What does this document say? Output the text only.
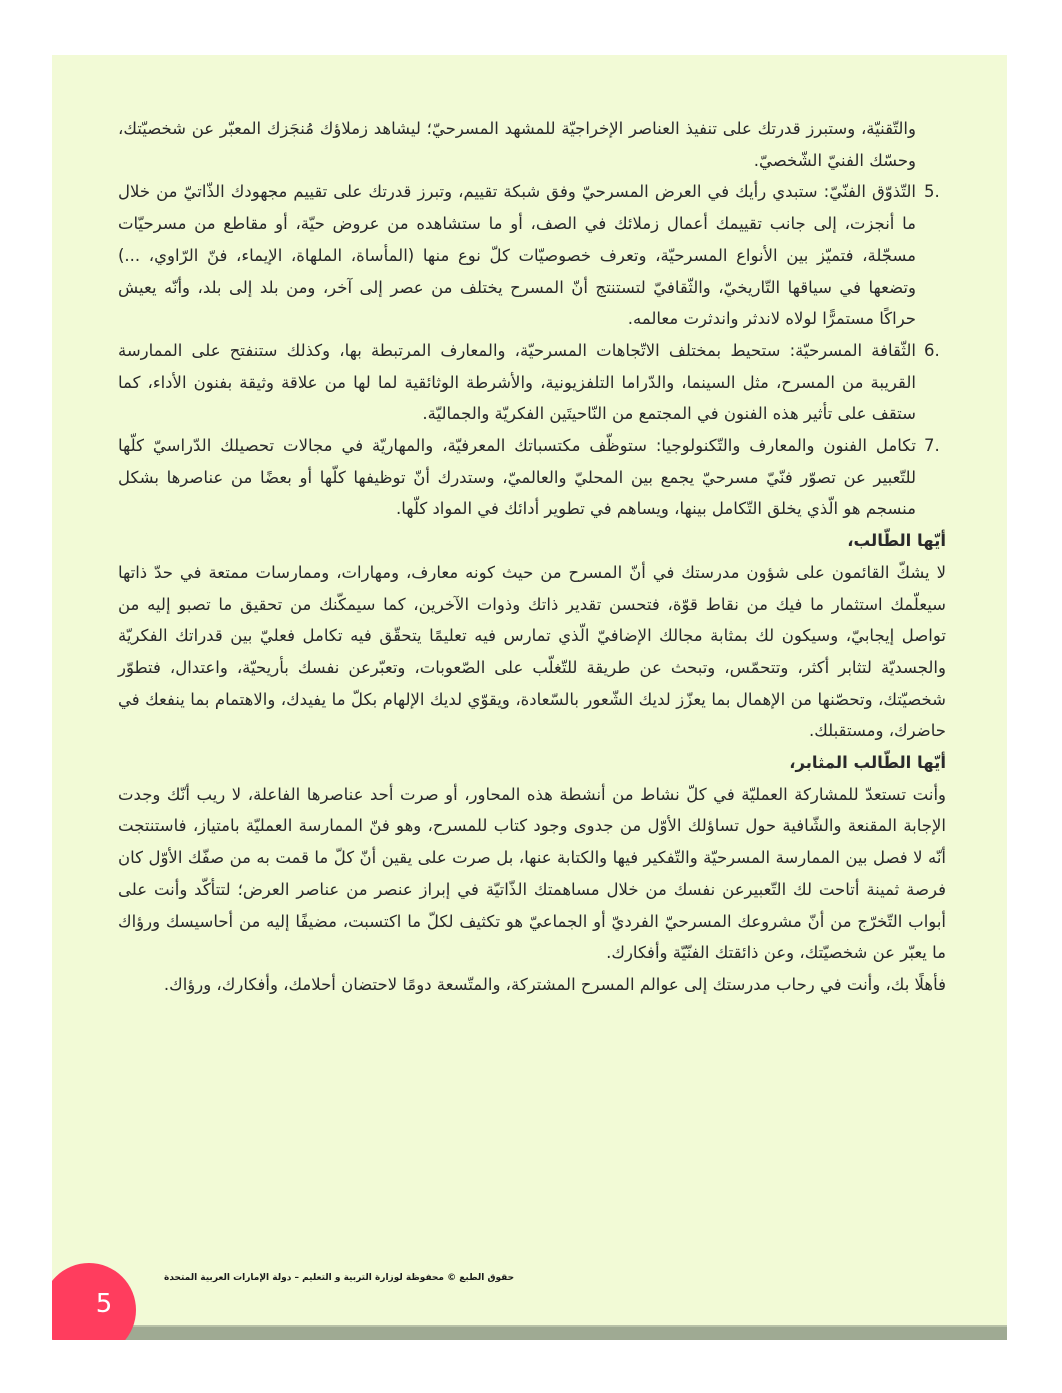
والتّقنيّة، وستبرز قدرتك على تنفيذ العناصر الإخراجيّة للمشهد المسرحيّ؛ ليشاهد زملاؤك مُنجَزك المعبّر عن شخصيّتك، وحسّك الفنيّ الشّخصيّ.

5.

التّذوّق الفنّيّ: ستبدي رأيك في العرض المسرحيّ وفق شبكة تقييم، وتبرز قدرتك على تقييم مجهودك الذّاتيّ من خلال ما أنجزت، إلى جانب تقييمك أعمال زملائك في الصف، أو ما ستشاهده من عروض حيّة، أو مقاطع من مسرحيّات مسجّلة، فتميّز بين الأنواع المسرحيّة، وتعرف خصوصيّات كلّ نوع منها (المأساة، الملهاة، الإيماء، فنّ الرّاوي، ...) وتضعها في سياقها التّاريخيّ، والثّقافيّ لتستنتج أنّ المسرح يختلف من عصر إلى آخر، ومن بلد إلى بلد، وأنّه يعيش حراكًا مستمرًّا لولاه لاندثر واندثرت معالمه.

6.

الثّقافة المسرحيّة: ستحيط بمختلف الاتّجاهات المسرحيّة، والمعارف المرتبطة بها، وكذلك ستنفتح على الممارسة القريبة من المسرح، مثل السينما، والدّراما التلفزيونية، والأشرطة الوثائقية لما لها من علاقة وثيقة بفنون الأداء، كما ستقف على تأثير هذه الفنون في المجتمع من النّاحيتَين الفكريّة والجماليّة.

7.

تكامل الفنون والمعارف والتّكنولوجيا: ستوظّف مكتسباتك المعرفيّة، والمهاريّة في مجالات تحصيلك الدّراسيّ كلّها للتّعبير عن تصوّر فنّيّ مسرحيّ يجمع بين المحليّ والعالميّ، وستدرك أنّ توظيفها كلّها أو بعضًا من عناصرها بشكل منسجم هو الّذي يخلق التّكامل بينها، ويساهم في تطوير أدائك في المواد كلّها.

أيّها الطّالب،

لا يشكّ القائمون على شؤون مدرستك في أنّ المسرح من حيث كونه معارف، ومهارات، وممارسات ممتعة في حدّ ذاتها سيعلّمك استثمار ما فيك من نقاط قوّة، فتحسن تقدير ذاتك وذوات الآخرين، كما سيمكّنك من تحقيق ما تصبو إليه من تواصل إيجابيّ، وسيكون لك بمثابة مجالك الإضافيّ الّذي تمارس فيه تعليمًا يتحقّق فيه تكامل فعليّ بين قدراتك الفكريّة والجسديّة لتثابر أكثر، وتتحمّس، وتبحث عن طريقة للتّغلّب على الصّعوبات، وتعبّرعن نفسك بأريحيّة، واعتدال، فتطوّر شخصيّتك، وتحصّنها من الإهمال بما يعزّز لديك الشّعور بالسّعادة، ويقوّي لديك الإلهام بكلّ ما يفيدك، والاهتمام بما ينفعك في حاضرك، ومستقبلك.

أيّها الطّالب المثابر،

وأنت تستعدّ للمشاركة العمليّة في كلّ نشاط من أنشطة هذه المحاور، أو صرت أحد عناصرها الفاعلة، لا ريب أنّك وجدت الإجابة المقنعة والشّافية حول تساؤلك الأوّل من جدوى وجود كتاب للمسرح، وهو فنّ الممارسة العمليّة بامتياز، فاستنتجت أنّه لا فصل بين الممارسة المسرحيّة والتّفكير فيها والكتابة عنها، بل صرت على يقين أنّ كلّ ما قمت به من صفّك الأوّل كان فرصة ثمينة أتاحت لك التّعبيرعن نفسك من خلال مساهمتك الذّاتيّة في إبراز عنصر من عناصر العرض؛ لتتأكّد وأنت على أبواب التّخرّج من أنّ مشروعك المسرحيّ الفرديّ أو الجماعيّ هو تكثيف لكلّ ما اكتسبت، مضيفًا إليه من أحاسيسك ورؤاك ما يعبّر عن شخصيّتك، وعن ذائقتك الفنّيّة وأفكارك.

فأهلًا بك، وأنت في رحاب مدرستك إلى عوالم المسرح المشتركة، والمتّسعة دومًا لاحتضان أحلامك، وأفكارك، ورؤاك.

حقوق الطبع © محفوظة لوزارة التربية و التعليم – دولة الإمارات العربية المتحدة
5
